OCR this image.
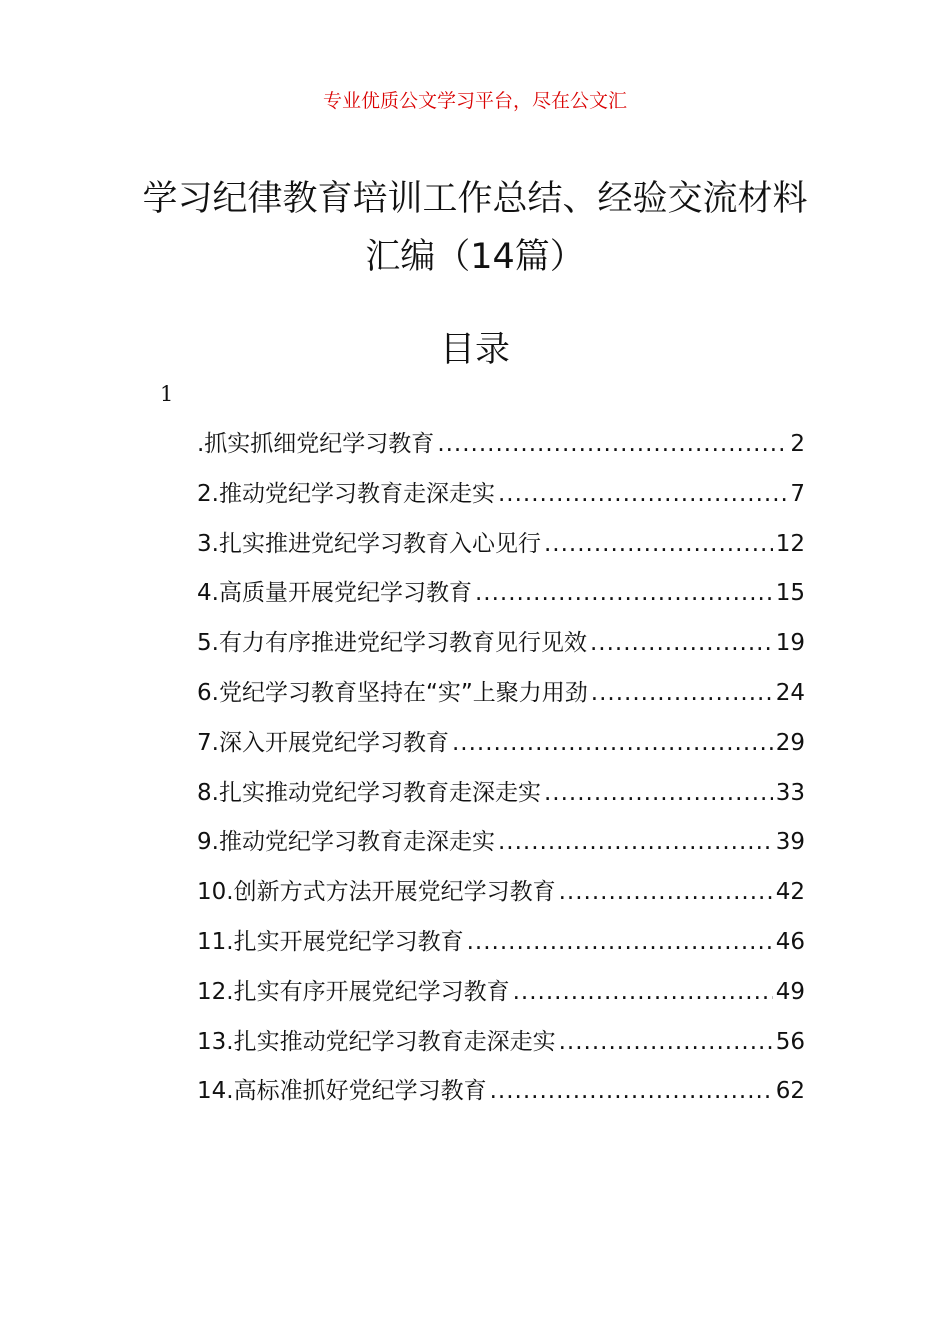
专业优质公文学习平台，尽在公文汇
学习纪律教育培训工作总结、经验交流材料汇编（14篇）
目录
1
.抓实抓细党纪学习教育 .....	2
2.推动党纪学习教育走深走实 .....	7
3.扎实推进党纪学习教育入心见行 .....	12
4.高质量开展党纪学习教育 .....	15
5.有力有序推进党纪学习教育见行见效 .....	19
6.党纪学习教育坚持在“实”上聚力用劲 .....	24
7.深入开展党纪学习教育 .....	29
8.扎实推动党纪学习教育走深走实 .....	33
9.推动党纪学习教育走深走实 .....	39
10.创新方式方法开展党纪学习教育 .....	42
11.扎实开展党纪学习教育 .....	46
12.扎实有序开展党纪学习教育 .....	49
13.扎实推动党纪学习教育走深走实 .....	56
14.高标准抓好党纪学习教育 .....	62
